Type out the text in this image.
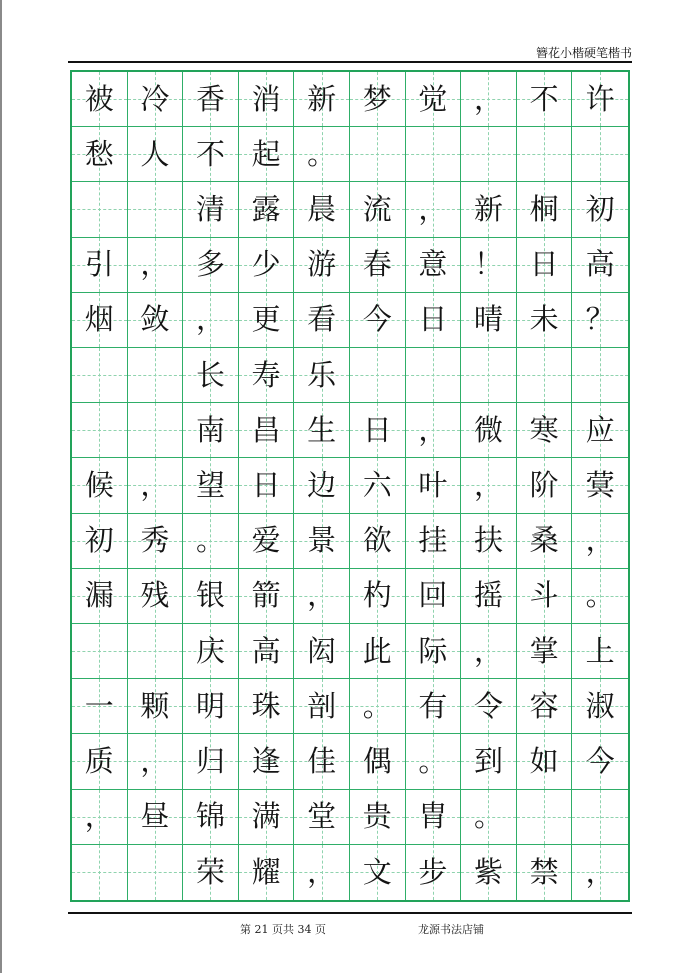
簪花小楷硬笔楷书
被 冷 香 消 新 梦 觉 ， 不 许
愁 人 不 起 。
清 露 晨 流 ， 新 桐 初
引 ， 多 少 游 春 意 ！ 日 高
烟 敛 ， 更 看 今 日 晴 未 ？
长 寿 乐
南 昌 生 日 ， 微 寒 应
候 ， 望 日 边 六 叶 ， 阶 蓂
初 秀 。 爱 景 欲 挂 扶 桑 ，
漏 残 银 箭 ， 杓 回 摇 斗 。
庆 高 闳 此 际 ， 掌 上
一 颗 明 珠 剖 。 有 令 容 淑
质 ， 归 逢 佳 偶 。 到 如 今
， 昼 锦 满 堂 贵 胄 。
荣 耀 ， 文 步 紫 禁 ，
第 21 页共 34 页	龙源书法店铺
